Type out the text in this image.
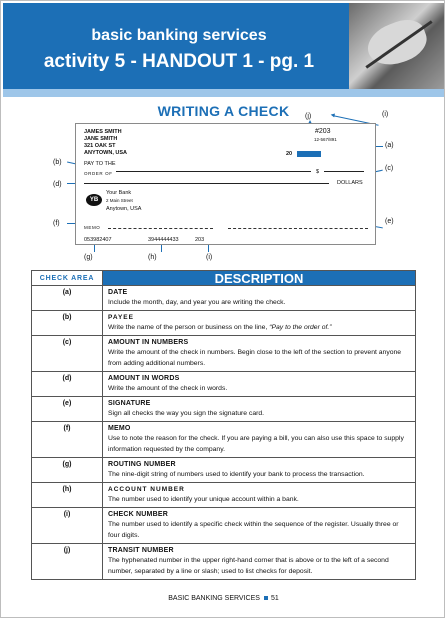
basic banking services
activity 5 - HANDOUT 1 - pg. 1
WRITING A CHECK	(j)	(i)
(a)
(c)
(b)
(d)
(f)	(e)
(g)	(h)	(i)
JAMES SMITH
JANE SMITH
321 OAK ST
ANYTOWN, USA
#203
12-567/891
20
PAY TO THE
ORDER OF	$
DOLLARS
YB
Your Bank
2 Main Street
Anytown, USA
MEMO
053982407	3944444433	203
CHECK AREA	DESCRIPTION
(a)	DATE
Include the month, day, and year you are writing the check.
(b)	PAYEE
Write the name of the person or business on the line, “Pay to the order of.”
(c)	AMOUNT IN NUMBERS
Write the amount of the check in numbers. Begin close to the left of the section to prevent anyone from adding additional numbers.
(d)	AMOUNT IN WORDS
Write the amount of the check in words.
(e)	SIGNATURE
Sign all checks the way you sign the signature card.
(f)	MEMO
Use to note the reason for the check. If you are paying a bill, you can also use this space to supply information requested by the company.
(g)	ROUTING NUMBER
The nine-digit string of numbers used to identify your bank to process the transaction.
(h)	ACCOUNT NUMBER
The number used to identify your unique account within a bank.
(i)	CHECK NUMBER
The number used to identify a specific check within the sequence of the register. Usually three or four digits.
(j)	TRANSIT NUMBER
The hyphenated number in the upper right-hand corner that is above or to the left of a second number, separated by a line or slash; used to list checks for deposit.
BASIC BANKING SERVICES 51
